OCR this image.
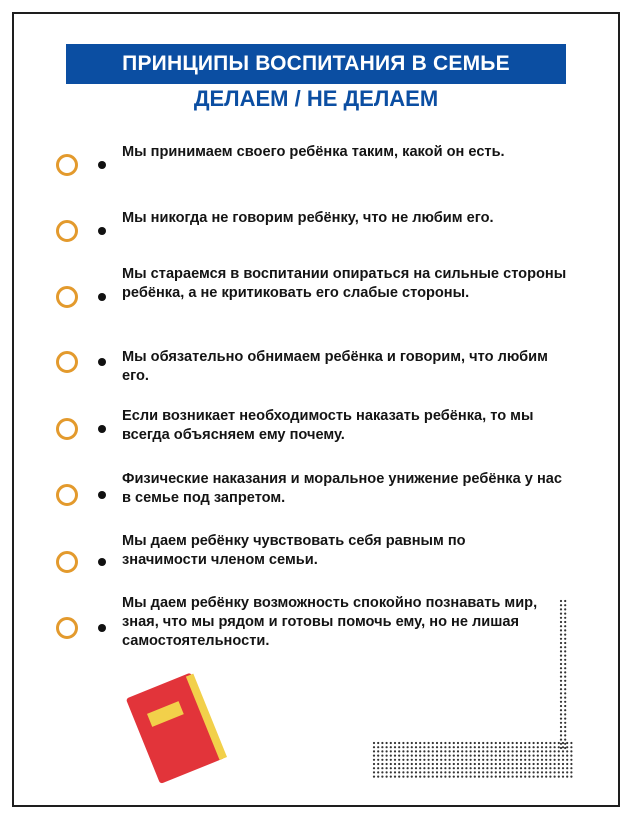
ПРИНЦИПЫ ВОСПИТАНИЯ В СЕМЬЕ
ДЕЛАЕМ / НЕ ДЕЛАЕМ
Мы принимаем своего ребёнка таким, какой он есть.
Мы никогда не говорим ребёнку, что не любим его.
Мы стараемся в воспитании опираться на сильные стороны ребёнка, а не критиковать его слабые стороны.
Мы обязательно обнимаем ребёнка и говорим, что любим его.
Если возникает необходимость наказать ребёнка, то мы всегда объясняем ему почему.
Физические наказания и моральное унижение ребёнка у нас в семье под запретом.
Мы даем ребёнку чувствовать себя равным по значимости членом семьи.
Мы даем ребёнку возможность спокойно познавать мир, зная, что мы рядом и готовы помочь ему, но не лишая самостоятельности.
